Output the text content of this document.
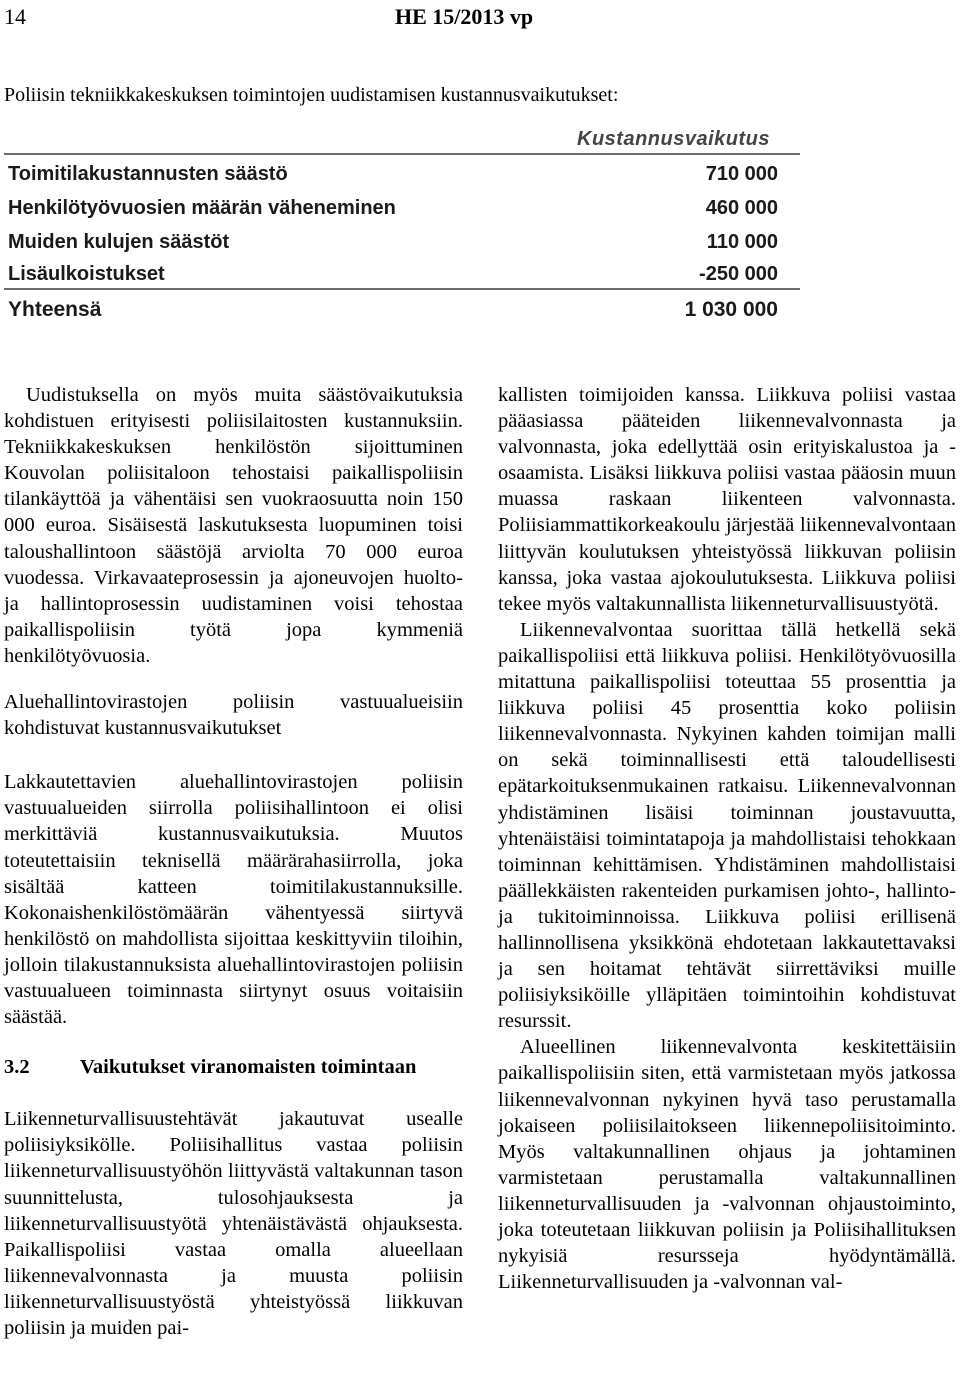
14	HE 15/2013 vp
Poliisin tekniikkakeskuksen toimintojen uudistamisen kustannusvaikutukset:
Kustannusvaikutus
Toimitilakustannusten säästö	710 000
Henkilötyövuosien määrän väheneminen	460 000
Muiden kulujen säästöt	110 000
Lisäulkoistukset	-250 000
Yhteensä	1 030 000

Uudistuksella on myös muita säästövaikutuksia kohdistuen erityisesti poliisilaitosten kustannuksiin. Tekniikkakeskuksen henkilöstön sijoittuminen Kouvolan poliisitaloon tehostaisi paikallispoliisin tilankäyttöä ja vähentäisi sen vuokraosuutta noin 150 000 euroa. Sisäisestä laskutuksesta luopuminen toisi taloushallintoon säästöjä arviolta 70 000 euroa vuodessa. Virkavaateprosessin ja ajoneuvojen huolto- ja hallintoprosessin uudistaminen voisi tehostaa paikallispoliisin työtä jopa kymmeniä henkilötyövuosia.

Aluehallintovirastojen poliisin vastuualueisiin kohdistuvat kustannusvaikutukset

Lakkautettavien aluehallintovirastojen poliisin vastuualueiden siirrolla poliisihallintoon ei olisi merkittäviä kustannusvaikutuksia. Muutos toteutettaisiin teknisellä määrärahasiirrolla, joka sisältää katteen toimitilakustannuksille. Kokonaishenkilöstömäärän vähentyessä siirtyvä henkilöstö on mahdollista sijoittaa keskittyviin tiloihin, jolloin tilakustannuksista aluehallintovirastojen poliisin vastuualueen toiminnasta siirtynyt osuus voitaisiin säästää.

3.2	Vaikutukset viranomaisten toimintaan

Liikenneturvallisuustehtävät jakautuvat usealle poliisiyksikölle. Poliisihallitus vastaa poliisin liikenneturvallisuustyöhön liittyvästä valtakunnan tason suunnittelusta, tulosohjauksesta ja liikenneturvallisuustyötä yhtenäistävästä ohjauksesta. Paikallispoliisi vastaa omalla alueellaan liikennevalvonnasta ja muusta poliisin liikenneturvallisuustyöstä yhteistyössä liikkuvan poliisin ja muiden pai-

kallisten toimijoiden kanssa. Liikkuva poliisi vastaa pääasiassa pääteiden liikennevalvonnasta ja valvonnasta, joka edellyttää osin erityiskalustoa ja -osaamista. Lisäksi liikkuva poliisi vastaa pääosin muun muassa raskaan liikenteen valvonnasta. Poliisiammattikorkeakoulu järjestää liikennevalvontaan liittyvän koulutuksen yhteistyössä liikkuvan poliisin kanssa, joka vastaa ajokoulutuksesta. Liikkuva poliisi tekee myös valtakunnallista liikenneturvallisuustyötä.

Liikennevalvontaa suorittaa tällä hetkellä sekä paikallispoliisi että liikkuva poliisi. Henkilötyövuosilla mitattuna paikallispoliisi toteuttaa 55 prosenttia ja liikkuva poliisi 45 prosenttia koko poliisin liikennevalvonnasta. Nykyinen kahden toimijan malli on sekä toiminnallisesti että taloudellisesti epätarkoituksenmukainen ratkaisu. Liikennevalvonnan yhdistäminen lisäisi toiminnan joustavuutta, yhtenäistäisi toimintatapoja ja mahdollistaisi tehokkaan toiminnan kehittämisen. Yhdistäminen mahdollistaisi päällekkäisten rakenteiden purkamisen johto-, hallinto- ja tukitoiminnoissa. Liikkuva poliisi erillisenä hallinnollisena yksikkönä ehdotetaan lakkautettavaksi ja sen hoitamat tehtävät siirrettäviksi muille poliisiyksiköille ylläpitäen toimintoihin kohdistuvat resurssit.

Alueellinen liikennevalvonta keskitettäisiin paikallispoliisiin siten, että varmistetaan myös jatkossa liikennevalvonnan nykyinen hyvä taso perustamalla jokaiseen poliisilaitokseen liikennepoliisitoiminto. Myös valtakunnallinen ohjaus ja johtaminen varmistetaan perustamalla valtakunnallinen liikenneturvallisuuden ja -valvonnan ohjaustoiminto, joka toteutetaan liikkuvan poliisin ja Poliisihallituksen nykyisiä resursseja hyödyntämällä. Liikenneturvallisuuden ja -valvonnan val-
